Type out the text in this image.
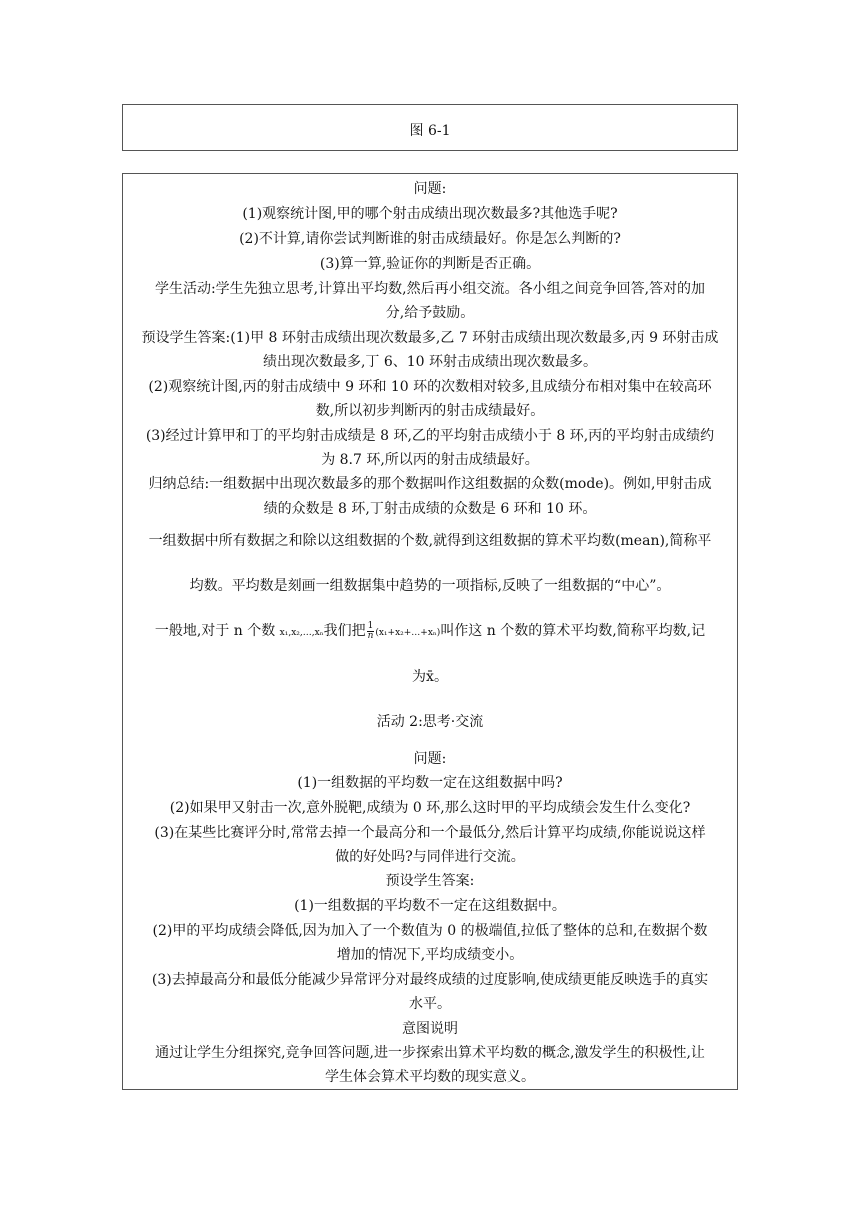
图 6-1
问题:
(1)观察统计图,甲的哪个射击成绩出现次数最多?其他选手呢?
(2)不计算,请你尝试判断谁的射击成绩最好。你是怎么判断的?
(3)算一算,验证你的判断是否正确。
学生活动:学生先独立思考,计算出平均数,然后再小组交流。各小组之间竞争回答,答对的加
分,给予鼓励。
预设学生答案:(1)甲 8 环射击成绩出现次数最多,乙 7 环射击成绩出现次数最多,丙 9 环射击成
绩出现次数最多,丁 6、10 环射击成绩出现次数最多。
(2)观察统计图,丙的射击成绩中 9 环和 10 环的次数相对较多,且成绩分布相对集中在较高环
数,所以初步判断丙的射击成绩最好。
(3)经过计算甲和丁的平均射击成绩是 8 环,乙的平均射击成绩小于 8 环,丙的平均射击成绩约
为 8.7 环,所以丙的射击成绩最好。
归纳总结:一组数据中出现次数最多的那个数据叫作这组数据的众数(mode)。例如,甲射击成
绩的众数是 8 环,丁射击成绩的众数是 6 环和 10 环。
一组数据中所有数据之和除以这组数据的个数,就得到这组数据的算术平均数(mean),简称平
均数。平均数是刻画一组数据集中趋势的一项指标,反映了一组数据的“中心”。
一般地,对于 n 个数 x₁,x₂,…,xₙ我们把 $\frac{1}{n}$ (x₁+x₂+…+xₙ)叫作这 n 个数的算术平均数,简称平均数,记
为x̄。
活动 2:思考·交流
问题:
(1)一组数据的平均数一定在这组数据中吗?
(2)如果甲又射击一次,意外脱靶,成绩为 0 环,那么这时甲的平均成绩会发生什么变化?
(3)在某些比赛评分时,常常去掉一个最高分和一个最低分,然后计算平均成绩,你能说说这样
做的好处吗?与同伴进行交流。
预设学生答案:
(1)一组数据的平均数不一定在这组数据中。
(2)甲的平均成绩会降低,因为加入了一个数值为 0 的极端值,拉低了整体的总和,在数据个数
增加的情况下,平均成绩变小。
(3)去掉最高分和最低分能减少异常评分对最终成绩的过度影响,使成绩更能反映选手的真实
水平。
意图说明
通过让学生分组探究,竞争回答问题,进一步探索出算术平均数的概念,激发学生的积极性,让
学生体会算术平均数的现实意义。
